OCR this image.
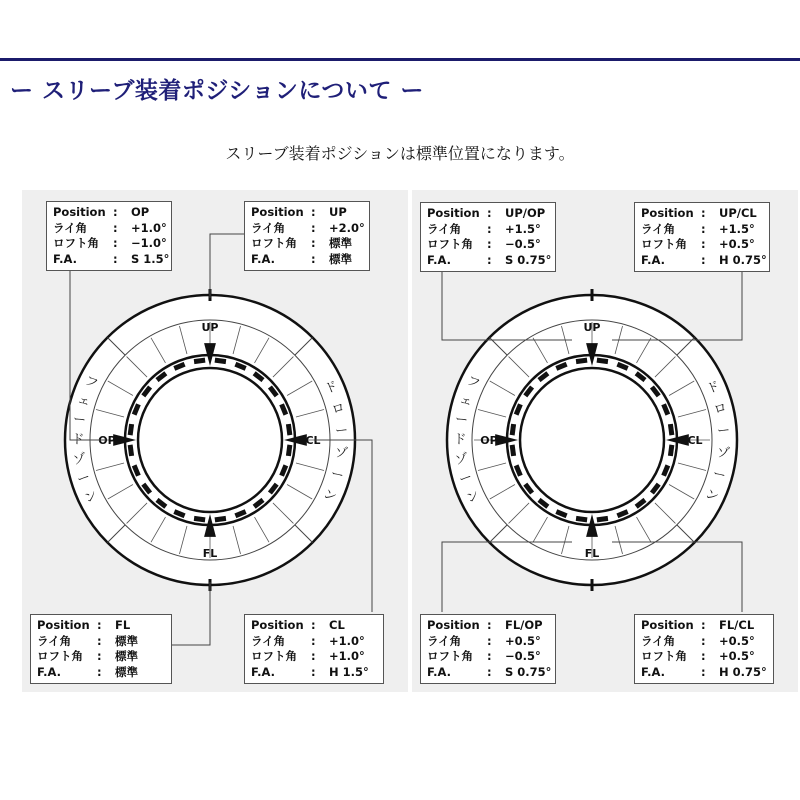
ー スリーブ装着ポジションについて ー
スリーブ装着ポジションは標準位置になります。
UP
FL
OP	CL
フ
ェ
ー
ド
ゾ
ー
ン
ド
ロ
ー
ゾ
ー
ン
UP
FL
OP	CL
フ
ェ
ー
ド
ゾ
ー
ン
ド
ロ
ー
ゾ
ー
ン
Position :	OP
ライ角	:	+1.0°
ロフト角	:	−1.0°
F.A.	:	S 1.5°
Position :	UP
ライ角	:	+2.0°
ロフト角	:	標準
F.A.	:	標準
Position :	FL
ライ角	:	標準
ロフト角	:	標準
F.A.	:	標準
Position :	CL
ライ角	:	+1.0°
ロフト角	:	+1.0°
F.A.	:	H 1.5°
Position :	UP/OP
ライ角	:	+1.5°
ロフト角	:	−0.5°
F.A.	:	S 0.75°
Position :	UP/CL
ライ角	:	+1.5°
ロフト角	:	+0.5°
F.A.	:	H 0.75°
Position :	FL/OP
ライ角	:	+0.5°
ロフト角	:	−0.5°
F.A.	:	S 0.75°
Position :	FL/CL
ライ角	:	+0.5°
ロフト角	:	+0.5°
F.A.	:	H 0.75°
